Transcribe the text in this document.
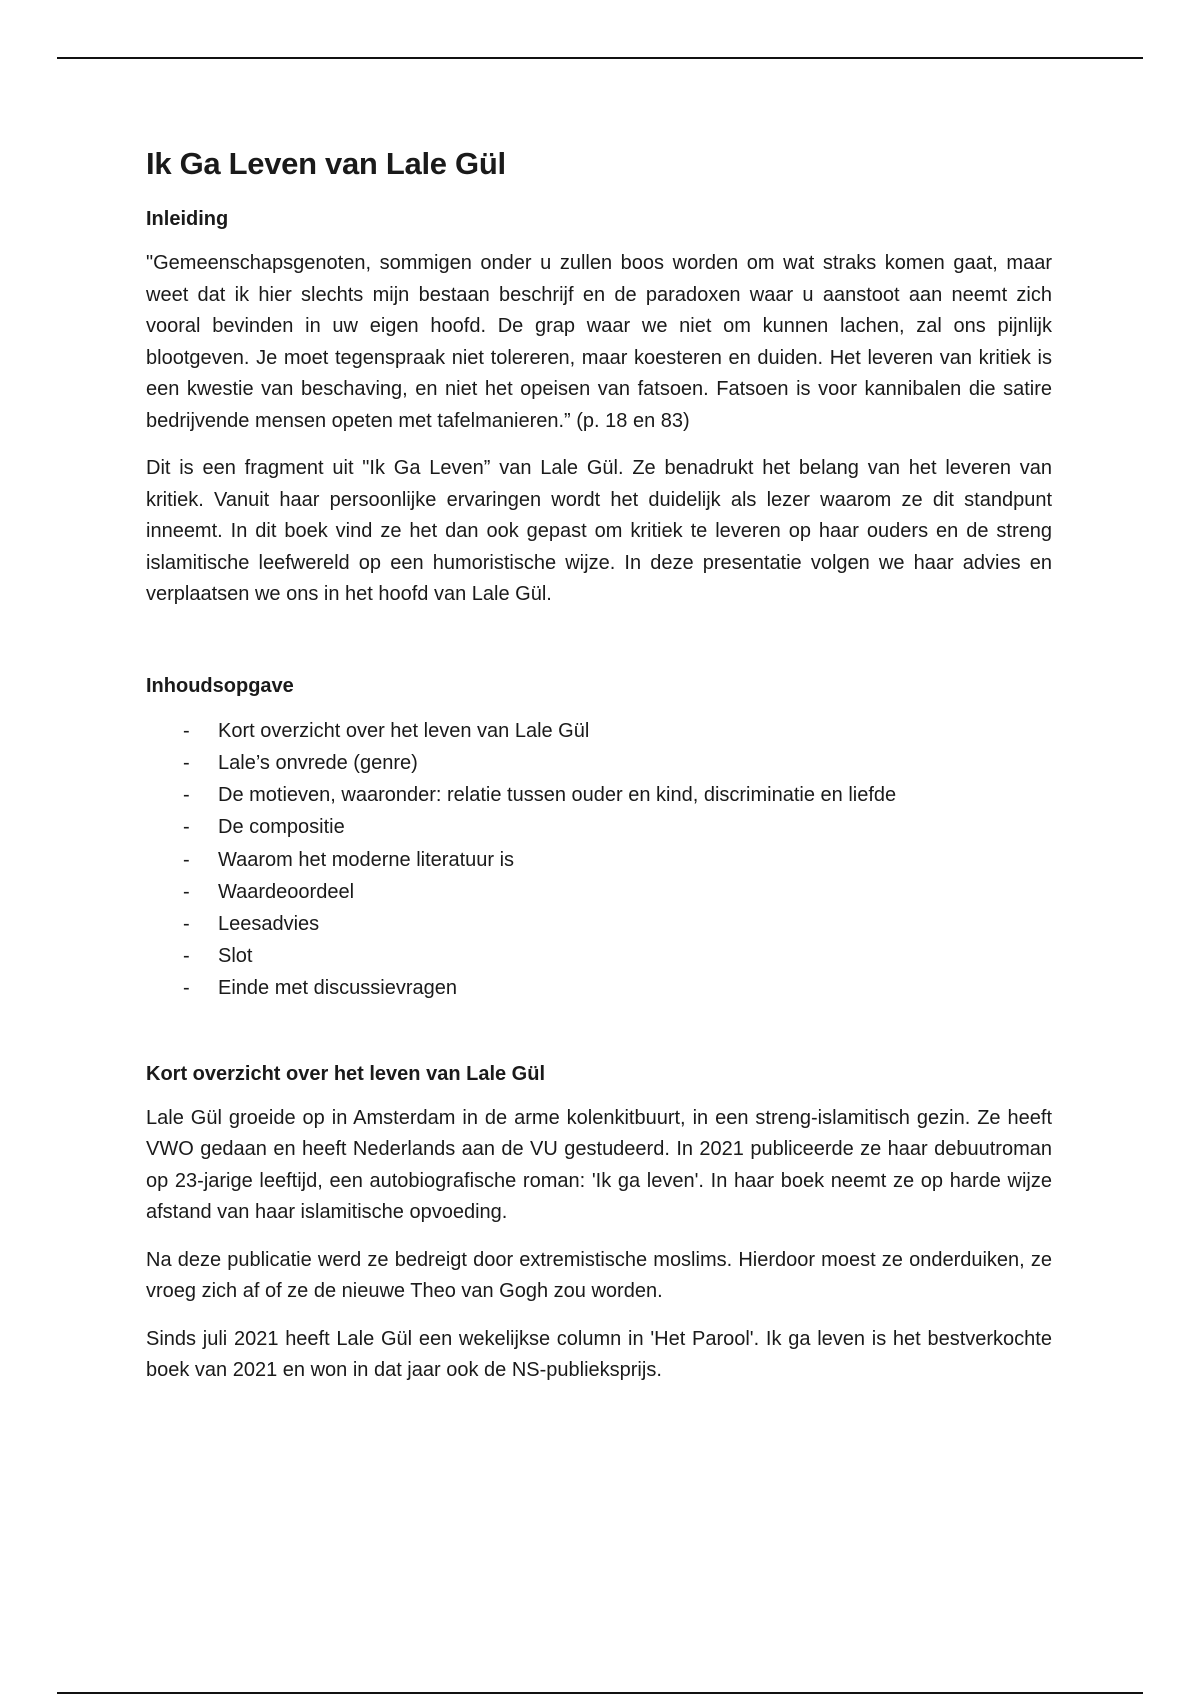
Ik Ga Leven van Lale Gül
Inleiding

"Gemeenschapsgenoten, sommigen onder u zullen boos worden om wat straks komen gaat, maar weet dat ik hier slechts mijn bestaan beschrijf en de paradoxen waar u aanstoot aan neemt zich vooral bevinden in uw eigen hoofd. De grap waar we niet om kunnen lachen, zal ons pijnlijk blootgeven. Je moet tegenspraak niet tolereren, maar koesteren en duiden. Het leveren van kritiek is een kwestie van beschaving, en niet het opeisen van fatsoen. Fatsoen is voor kannibalen die satire bedrijvende mensen opeten met tafelmanieren.” (p. 18 en 83)

Dit is een fragment uit "Ik Ga Leven” van Lale Gül. Ze benadrukt het belang van het leveren van kritiek. Vanuit haar persoonlijke ervaringen wordt het duidelijk als lezer waarom ze dit standpunt inneemt. In dit boek vind ze het dan ook gepast om kritiek te leveren op haar ouders en de streng islamitische leefwereld op een humoristische wijze. In deze presentatie volgen we haar advies en verplaatsen we ons in het hoofd van Lale Gül.

Inhoudsopgave
- Kort overzicht over het leven van Lale Gül
- Lale’s onvrede (genre)
- De motieven, waaronder: relatie tussen ouder en kind, discriminatie en liefde
- De compositie
- Waarom het moderne literatuur is
- Waardeoordeel
- Leesadvies
- Slot
- Einde met discussievragen
Kort overzicht over het leven van Lale Gül

Lale Gül groeide op in Amsterdam in de arme kolenkitbuurt, in een streng-islamitisch gezin. Ze heeft VWO gedaan en heeft Nederlands aan de VU gestudeerd. In 2021 publiceerde ze haar debuutroman op 23-jarige leeftijd, een autobiografische roman: 'Ik ga leven'. In haar boek neemt ze op harde wijze afstand van haar islamitische opvoeding.

Na deze publicatie werd ze bedreigt door extremistische moslims. Hierdoor moest ze onderduiken, ze vroeg zich af of ze de nieuwe Theo van Gogh zou worden.

Sinds juli 2021 heeft Lale Gül een wekelijkse column in 'Het Parool'. Ik ga leven is het bestverkochte boek van 2021 en won in dat jaar ook de NS-publieksprijs.
